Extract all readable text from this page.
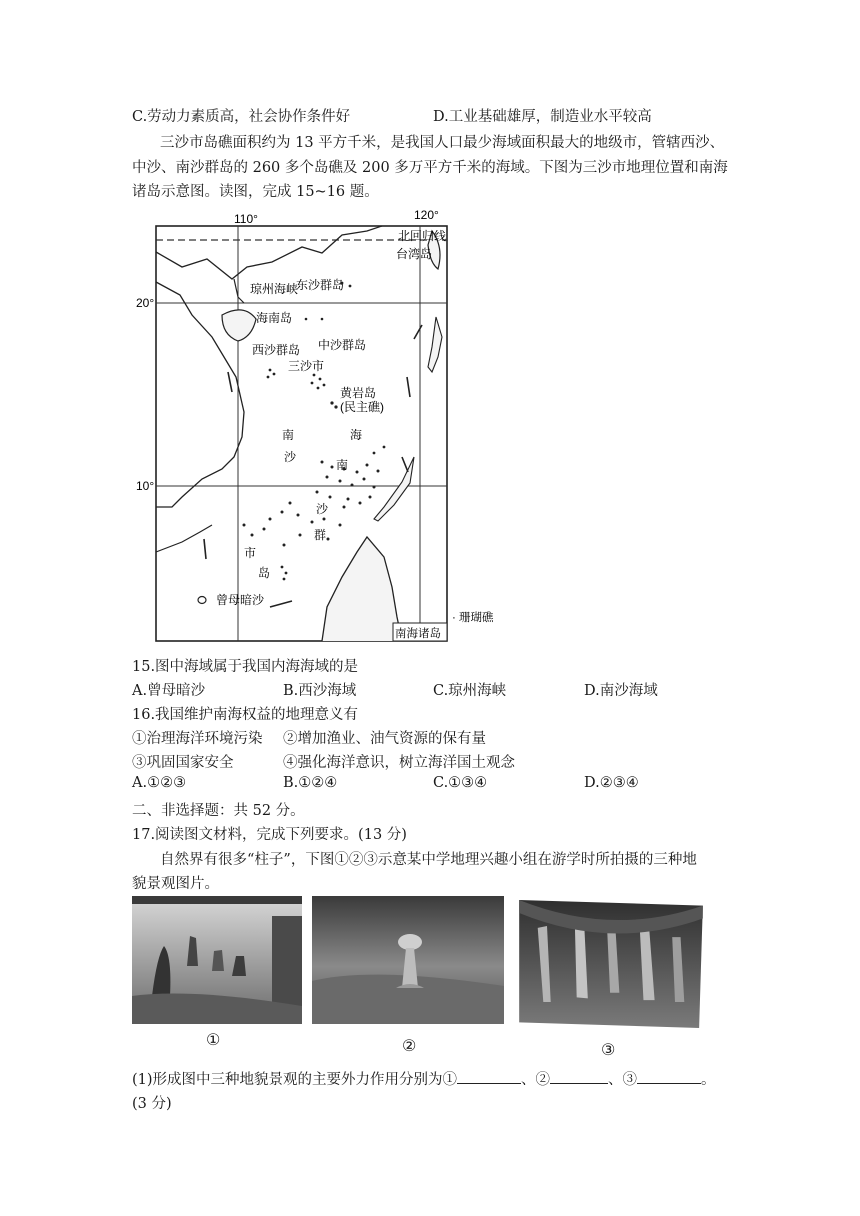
C.劳动力素质高，社会协作条件好	D.工业基础雄厚，制造业水平较高
三沙市岛礁面积约为 13 平方千米，是我国人口最少海域面积最大的地级市，管辖西沙、
中沙、南沙群岛的 260 多个岛礁及 200 多万平方千米的海域。下图为三沙市地理位置和南海
诸岛示意图。读图，完成 15~16 题。
110°	120°
20°
10°
北回归线
台湾岛
琼州海峡
东沙群岛
海南岛
西沙群岛 中沙群岛
三沙市
黄岩岛
(民主礁)
南	海
沙
南
沙
群
市
岛
曾母暗沙
南海诸岛
· 珊瑚礁
15.图中海域属于我国内海海域的是
A.曾母暗沙	B.西沙海域	C.琼州海峡	D.南沙海域
16.我国维护南海权益的地理意义有
①治理海洋环境污染 ②增加渔业、油气资源的保有量
③巩固国家安全	④强化海洋意识，树立海洋国土观念
A.①②③	B.①②④	C.①③④	D.②③④
二、非选择题：共 52 分。
17.阅读图文材料，完成下列要求。(13 分)
自然界有很多“柱子”，下图①②③示意某中学地理兴趣小组在游学时所拍摄的三种地
貌景观图片。
①	②	③
(1)形成图中三种地貌景观的主要外力作用分别为①	、②	、③	。
(3 分)
